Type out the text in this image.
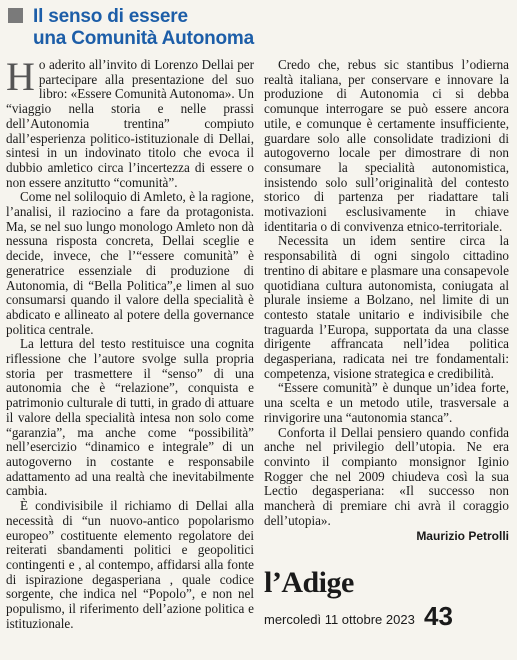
Il senso di essere
una Comunità Autonoma

Ho aderito all’invito di Lorenzo Dellai per partecipare alla presentazione del suo libro: «Essere Comunità Autonoma». Un “viaggio nella storia e nelle prassi dell’Autonomia trentina” compiuto dall’esperienza politico-istituzionale di Dellai, sintesi in un indovinato titolo che evoca il dubbio amletico circa l’incertezza di essere o non essere anzitutto “comunità”.

Come nel soliloquio di Amleto, è la ragione, l’analisi, il raziocino a fare da protagonista. Ma, se nel suo lungo monologo Amleto non dà nessuna risposta concreta, Dellai sceglie e decide, invece, che l’“essere comunità” è generatrice essenziale di produzione di Autonomia, di “Bella Politica”,e limen al suo consumarsi quando il valore della specialità è abdicato e allineato al potere della governance politica centrale.

La lettura del testo restituisce una cognita riflessione che l’autore svolge sulla propria storia per trasmettere il “senso” di una autonomia che è “relazione”, conquista e patrimonio culturale di tutti, in grado di attuare il valore della specialità intesa non solo come “garanzia”, ma anche come “possibilità” nell’esercizio “dinamico e integrale” di un autogoverno in costante e responsabile adattamento ad una realtà che inevitabilmente cambia.

È condivisibile il richiamo di Dellai alla necessità di “un nuovo-antico popolarismo europeo” costituente elemento regolatore dei reiterati sbandamenti politici e geopolitici contingenti e , al contempo, affidarsi alla fonte di ispirazione degasperiana , quale codice sorgente, che indica nel “Popolo”, e non nel populismo, il riferimento dell’azione politica e istituzionale.

Credo che, rebus sic stantibus l’odierna realtà italiana, per conservare e innovare la produzione di Autonomia ci si debba comunque interrogare se può essere ancora utile, e comunque è certamente insufficiente, guardare solo alle consolidate tradizioni di autogoverno locale per dimostrare di non consumare la specialità autonomistica, insistendo solo sull’originalità del contesto storico di partenza per riadattare tali motivazioni esclusivamente in chiave identitaria o di convivenza etnico-territoriale.

Necessita un idem sentire circa la responsabilità di ogni singolo cittadino trentino di abitare e plasmare una consapevole quotidiana cultura autonomista, coniugata al plurale insieme a Bolzano, nel limite di un contesto statale unitario e indivisibile che traguarda l’Europa, supportata da una classe dirigente affrancata nell’idea politica degasperiana, radicata nei tre fondamentali: competenza, visione strategica e credibilità.

“Essere comunità” è dunque un’idea forte, una scelta e un metodo utile, trasversale a rinvigorire una “autonomia stanca”.

Conforta il Dellai pensiero quando confida anche nel privilegio dell’utopia. Ne era convinto il compianto monsignor Iginio Rogger che nel 2009 chiudeva così la sua Lectio degasperiana: «Il successo non mancherà di premiare chi avrà il coraggio dell’utopia».

Maurizio Petrolli
l’Adige
mercoledì 11 ottobre 2023 43
